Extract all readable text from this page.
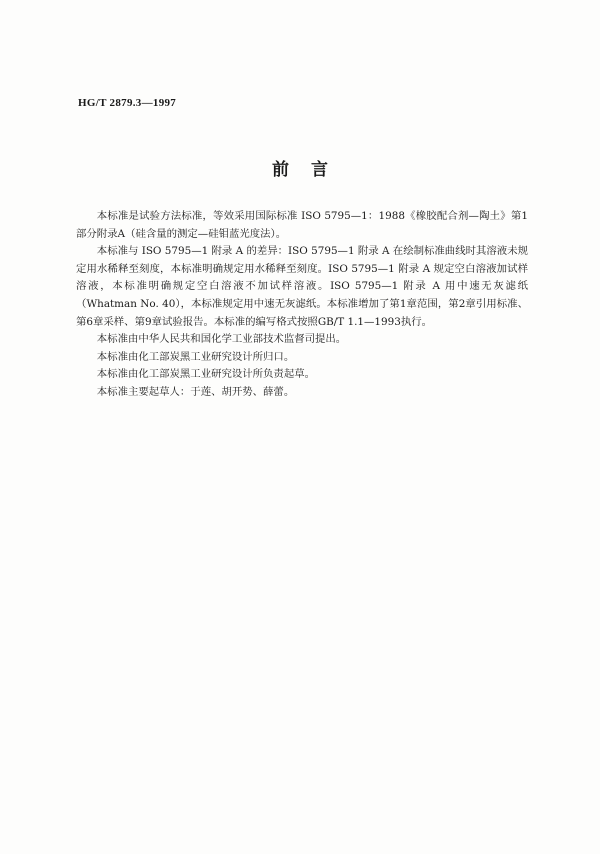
HG/T 2879.3—1997
前言

本标准是试验方法标准，等效采用国际标准 ISO 5795—1：1988《橡胶配合剂—陶土》第1部分附录A（硅含量的测定—硅钼蓝光度法）。

本标准与 ISO 5795—1 附录 A 的差异：ISO 5795—1 附录 A 在绘制标准曲线时其溶液未规定用水稀释至刻度，本标准明确规定用水稀释至刻度。ISO 5795—1 附录 A 规定空白溶液加试样溶液，本标准明确规定空白溶液不加试样溶液。ISO 5795—1 附录 A 用中速无灰滤纸（Whatman No. 40），本标准规定用中速无灰滤纸。本标准增加了第1章范围，第2章引用标准、第6章采样、第9章试验报告。本标准的编写格式按照GB/T 1.1—1993执行。

本标准由中华人民共和国化学工业部技术监督司提出。

本标准由化工部炭黑工业研究设计所归口。

本标准由化工部炭黑工业研究设计所负责起草。

本标准主要起草人：于莲、胡开势、薛蕾。
